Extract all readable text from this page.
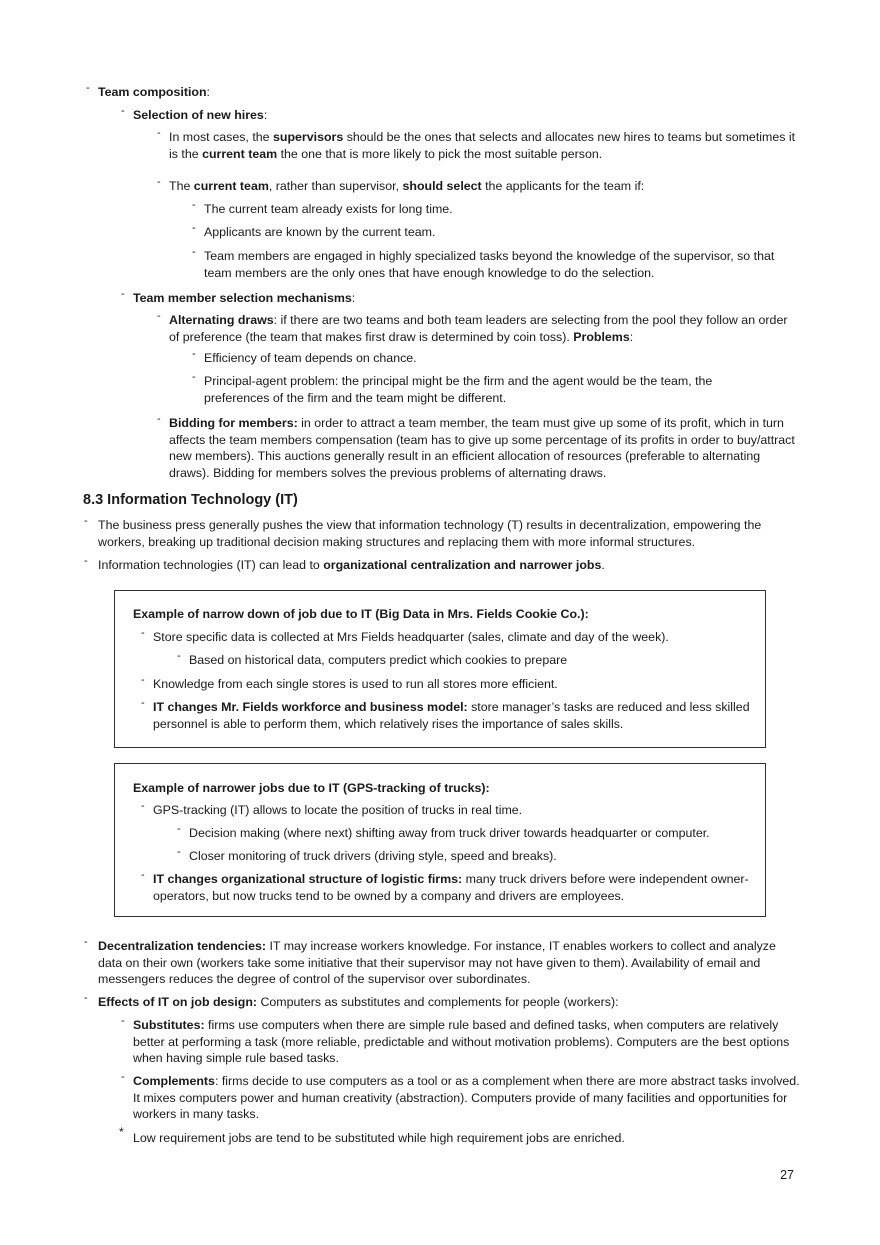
- Team composition:
- Selection of new hires:
- In most cases, the supervisors should be the ones that selects and allocates new hires to teams but sometimes it is the current team the one that is more likely to pick the most suitable person.
- The current team, rather than supervisor, should select the applicants for the team if:
- The current team already exists for long time.
- Applicants are known by the current team.
- Team members are engaged in highly specialized tasks beyond the knowledge of the supervisor, so that team members are the only ones that have enough knowledge to do the selection.
- Team member selection mechanisms:
- Alternating draws: if there are two teams and both team leaders are selecting from the pool they follow an order of preference (the team that makes first draw is determined by coin toss). Problems:
- Efficiency of team depends on chance.
- Principal-agent problem: the principal might be the firm and the agent would be the team, the preferences of the firm and the team might be different.
- Bidding for members: in order to attract a team member, the team must give up some of its profit, which in turn affects the team members compensation (team has to give up some percentage of its profits in order to buy/attract new members). This auctions generally result in an efficient allocation of resources (preferable to alternating draws). Bidding for members solves the previous problems of alternating draws.
8.3 Information Technology (IT)
- The business press generally pushes the view that information technology (T) results in decentralization, empowering the workers, breaking up traditional decision making structures and replacing them with more informal structures.
- Information technologies (IT) can lead to organizational centralization and narrower jobs.
Example of narrow down of job due to IT (Big Data in Mrs. Fields Cookie Co.):
- Store specific data is collected at Mrs Fields headquarter (sales, climate and day of the week).
- Based on historical data, computers predict which cookies to prepare
- Knowledge from each single stores is used to run all stores more efficient.
- IT changes Mr. Fields workforce and business model: store manager’s tasks are reduced and less skilled personnel is able to perform them, which relatively rises the importance of sales skills.
Example of narrower jobs due to IT (GPS-tracking of trucks):
- GPS-tracking (IT) allows to locate the position of trucks in real time.
- Decision making (where next) shifting away from truck driver towards headquarter or computer.
- Closer monitoring of truck drivers (driving style, speed and breaks).
- IT changes organizational structure of logistic firms: many truck drivers before were independent owner-operators, but now trucks tend to be owned by a company and drivers are employees.
- Decentralization tendencies: IT may increase workers knowledge. For instance, IT enables workers to collect and analyze data on their own (workers take some initiative that their supervisor may not have given to them). Availability of email and messengers reduces the degree of control of the supervisor over subordinates.
- Effects of IT on job design: Computers as substitutes and complements for people (workers):
- Substitutes: firms use computers when there are simple rule based and defined tasks, when computers are relatively better at performing a task (more reliable, predictable and without motivation problems). Computers are the best options when having simple rule based tasks.
- Complements: firms decide to use computers as a tool or as a complement when there are more abstract tasks involved. It mixes computers power and human creativity (abstraction). Computers provide of many facilities and opportunities for workers in many tasks.
* Low requirement jobs are tend to be substituted while high requirement jobs are enriched.
27
